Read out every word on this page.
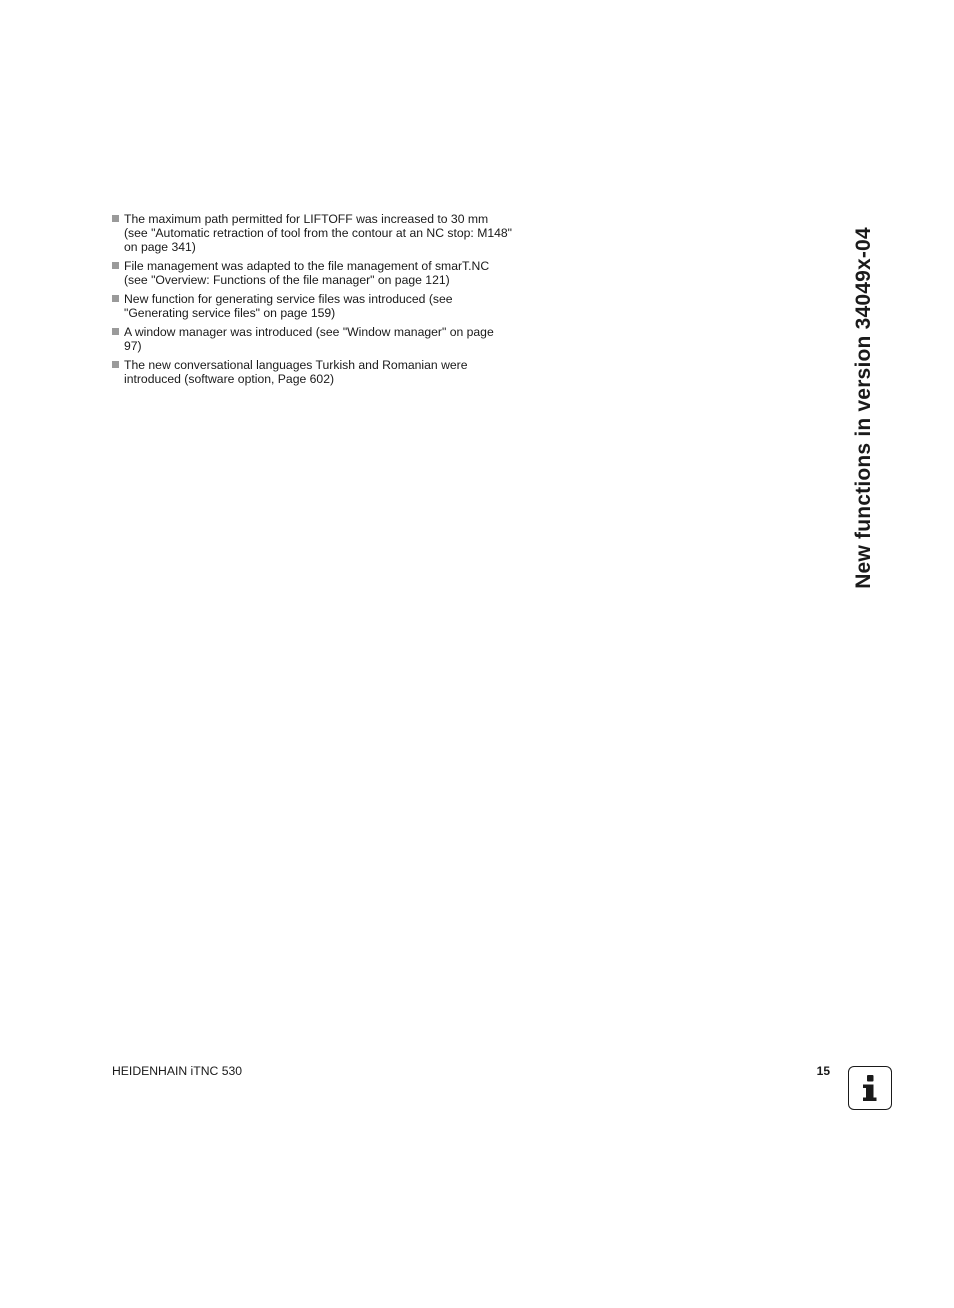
The maximum path permitted for LIFTOFF was increased to 30 mm (see "Automatic retraction of tool from the contour at an NC stop: M148" on page 341)
File management was adapted to the file management of smarT.NC (see "Overview: Functions of the file manager" on page 121)
New function for generating service files was introduced (see "Generating service files" on page 159)
A window manager was introduced (see "Window manager" on page 97)
The new conversational languages Turkish and Romanian were introduced (software option, Page 602)	New functions in version 34049x-04
HEIDENHAIN iTNC 530	15
